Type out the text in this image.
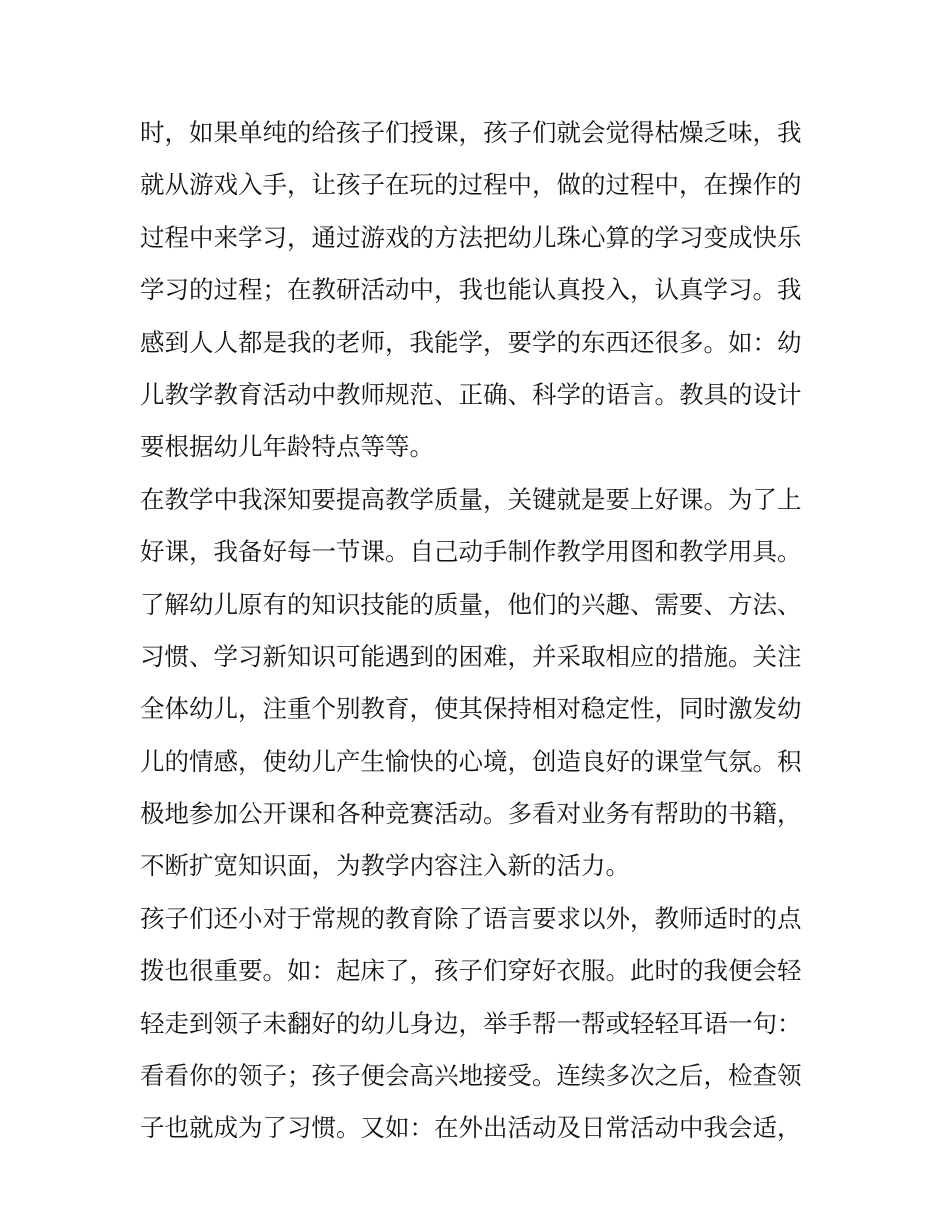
时，如果单纯的给孩子们授课，孩子们就会觉得枯燥乏味，我
就从游戏入手，让孩子在玩的过程中，做的过程中，在操作的
过程中来学习，通过游戏的方法把幼儿珠心算的学习变成快乐
学习的过程；在教研活动中，我也能认真投入，认真学习。我
感到人人都是我的老师，我能学，要学的东西还很多。如：幼
儿教学教育活动中教师规范、正确、科学的语言。教具的设计
要根据幼儿年龄特点等等。
在教学中我深知要提高教学质量，关键就是要上好课。为了上
好课，我备好每一节课。自己动手制作教学用图和教学用具。
了解幼儿原有的知识技能的质量，他们的兴趣、需要、方法、
习惯、学习新知识可能遇到的困难，并采取相应的措施。关注
全体幼儿，注重个别教育，使其保持相对稳定性，同时激发幼
儿的情感，使幼儿产生愉快的心境，创造良好的课堂气氛。积
极地参加公开课和各种竞赛活动。多看对业务有帮助的书籍，
不断扩宽知识面，为教学内容注入新的活力。
孩子们还小对于常规的教育除了语言要求以外，教师适时的点
拨也很重要。如：起床了，孩子们穿好衣服。此时的我便会轻
轻走到领子未翻好的幼儿身边，举手帮一帮或轻轻耳语一句：
看看你的领子；孩子便会高兴地接受。连续多次之后，检查领
子也就成为了习惯。又如：在外出活动及日常活动中我会适，
